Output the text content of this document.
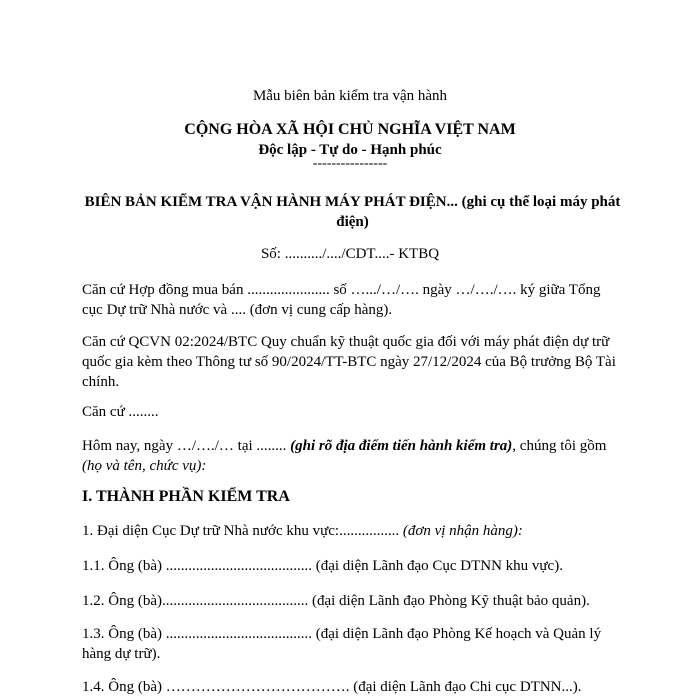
Mẫu biên bản kiểm tra vận hành
CỘNG HÒA XÃ HỘI CHỦ NGHĨA VIỆT NAM
Độc lập - Tự do - Hạnh phúc
----------------
BIÊN BẢN KIỂM TRA VẬN HÀNH MÁY PHÁT ĐIỆN... (ghi cụ thể loại máy phát điện)
Số: ........../..../CDT....- KTBQ
Căn cứ Hợp đồng mua bán ...................... số ….../…/…. ngày …/…./…. ký giữa Tổng cục Dự trữ Nhà nước và .... (đơn vị cung cấp hàng).
Căn cứ QCVN 02:2024/BTC Quy chuẩn kỹ thuật quốc gia đối với máy phát điện dự trữ quốc gia kèm theo Thông tư số 90/2024/TT-BTC ngày 27/12/2024 của Bộ trưởng Bộ Tài chính.
Căn cứ ........
Hôm nay, ngày …/…./… tại ........ (ghi rõ địa điểm tiến hành kiểm tra), chúng tôi gồm (họ và tên, chức vụ):
I. THÀNH PHẦN KIỂM TRA
1. Đại diện Cục Dự trữ Nhà nước khu vực:................ (đơn vị nhận hàng):
1.1. Ông (bà) ....................................... (đại diện Lãnh đạo Cục DTNN khu vực).
1.2. Ông (bà)....................................... (đại diện Lãnh đạo Phòng Kỹ thuật bảo quản).
1.3. Ông (bà) ....................................... (đại diện Lãnh đạo Phòng Kế hoạch và Quản lý hàng dự trữ).
1.4. Ông (bà) ………………………………. (đại diện Lãnh đạo Chi cục DTNN...).
